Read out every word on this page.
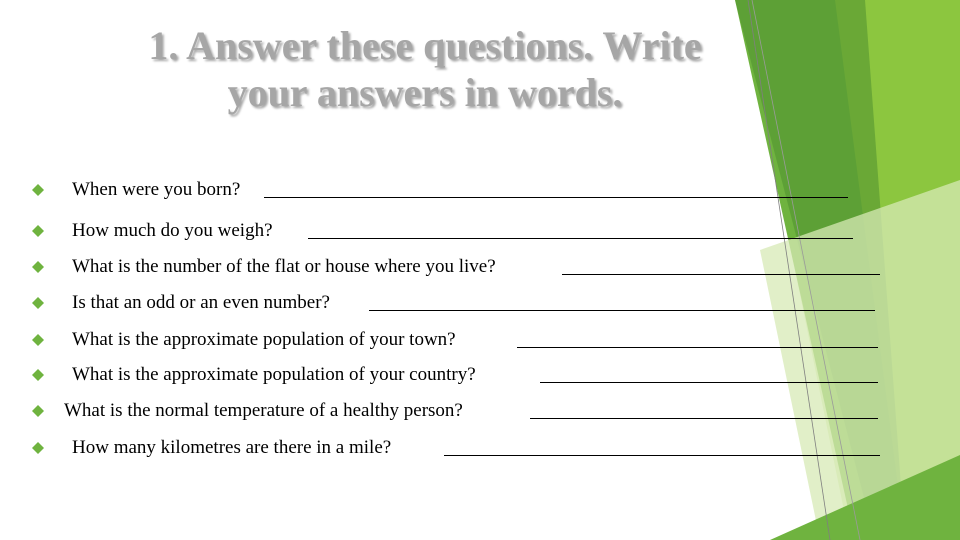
1. Answer these questions. Write
your answers in words.
When were you born?
How much do you weigh?
What is the number of the flat or house where you live?
Is that an odd or an even number?
What is the approximate population of your town?
What is the approximate population of your country?
What is the normal temperature of a healthy person?
How many kilometres are there in a mile?
